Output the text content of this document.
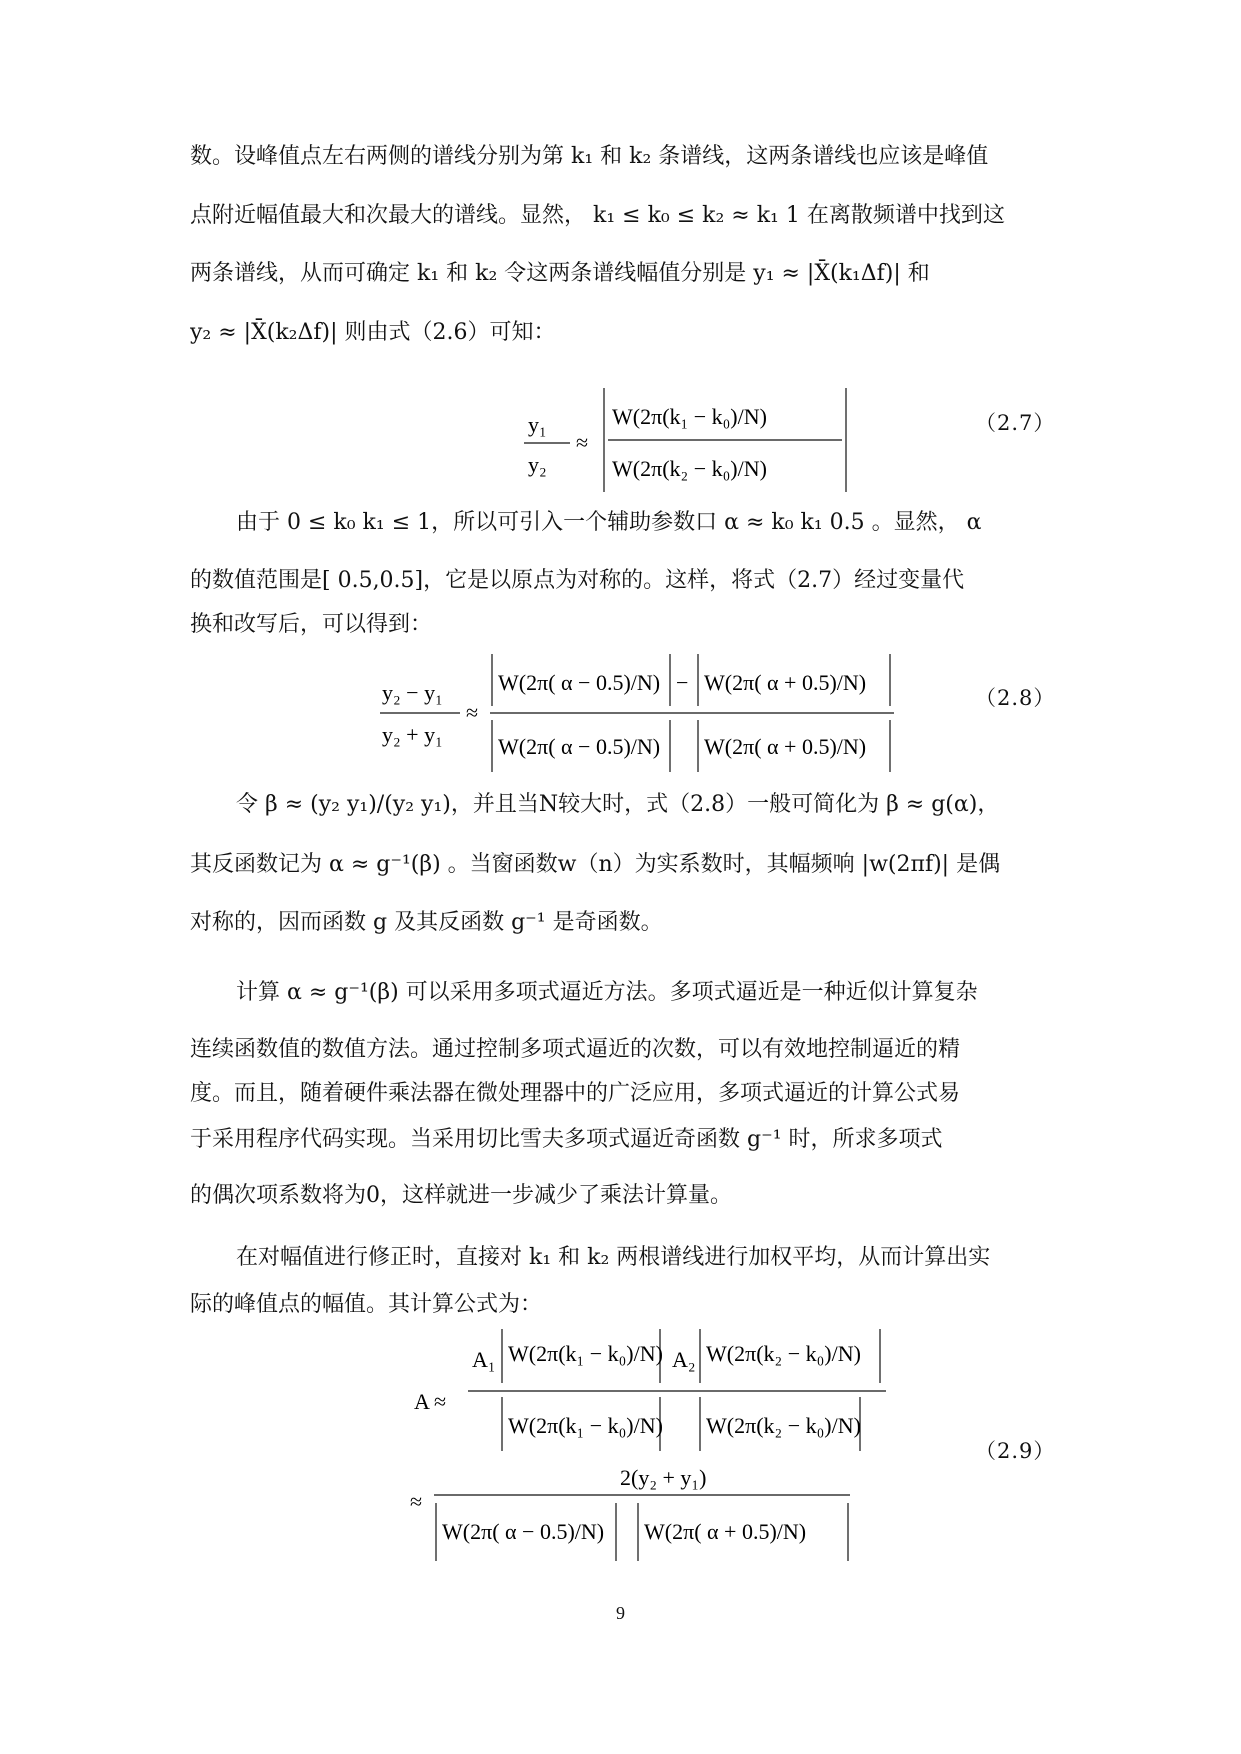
数。设峰值点左右两侧的谱线分别为第 k₁ 和 k₂ 条谱线，这两条谱线也应该是峰值
点附近幅值最大和次最大的谱线。显然， k₁ ≤ k₀ ≤ k₂ ≈ k₁ 1 在离散频谱中找到这
两条谱线，从而可确定 k₁ 和 k₂ 令这两条谱线幅值分别是 y₁ ≈ |X̄(k₁Δf)| 和
y₂ ≈ |X̄(k₂Δf)| 则由式（2.6）可知：
y₁
y₂
≈
W(2π(k₁ − k₀)/N)
W(2π(k₂ − k₀)/N)
（2.7）
由于 0 ≤ k₀ k₁ ≤ 1，所以可引入一个辅助参数口 α ≈ k₀ k₁ 0.5 。显然， α
的数值范围是[ 0.5,0.5]，它是以原点为对称的。这样，将式（2.7）经过变量代
换和改写后，可以得到：
y₂ − y₁
y₂ + y₁
≈
W(2π( α − 0.5)/N) − W(2π( α + 0.5)/N)
W(2π( α − 0.5)/N) W(2π( α + 0.5)/N)
（2.8）
令 β ≈ (y₂ y₁)/(y₂ y₁)，并且当N较大时，式（2.8）一般可简化为 β ≈ g(α)，
其反函数记为 α ≈ g⁻¹(β) 。当窗函数w（n）为实系数时，其幅频响 |w(2πf)| 是偶
对称的，因而函数 g 及其反函数 g⁻¹ 是奇函数。
计算 α ≈ g⁻¹(β) 可以采用多项式逼近方法。多项式逼近是一种近似计算复杂
连续函数值的数值方法。通过控制多项式逼近的次数，可以有效地控制逼近的精
度。而且，随着硬件乘法器在微处理器中的广泛应用，多项式逼近的计算公式易
于采用程序代码实现。当采用切比雪夫多项式逼近奇函数 g⁻¹ 时，所求多项式
的偶次项系数将为0，这样就进一步减少了乘法计算量。
在对幅值进行修正时，直接对 k₁ 和 k₂ 两根谱线进行加权平均，从而计算出实
际的峰值点的幅值。其计算公式为：
A ≈
A₁ W(2π(k₁ − k₀)/N) A₂ W(2π(k₂ − k₀)/N)
W(2π(k₁ − k₀)/N) W(2π(k₂ − k₀)/N)
≈
2(y₂ + y₁)
W(2π( α − 0.5)/N) W(2π( α + 0.5)/N)
（2.9）
9
